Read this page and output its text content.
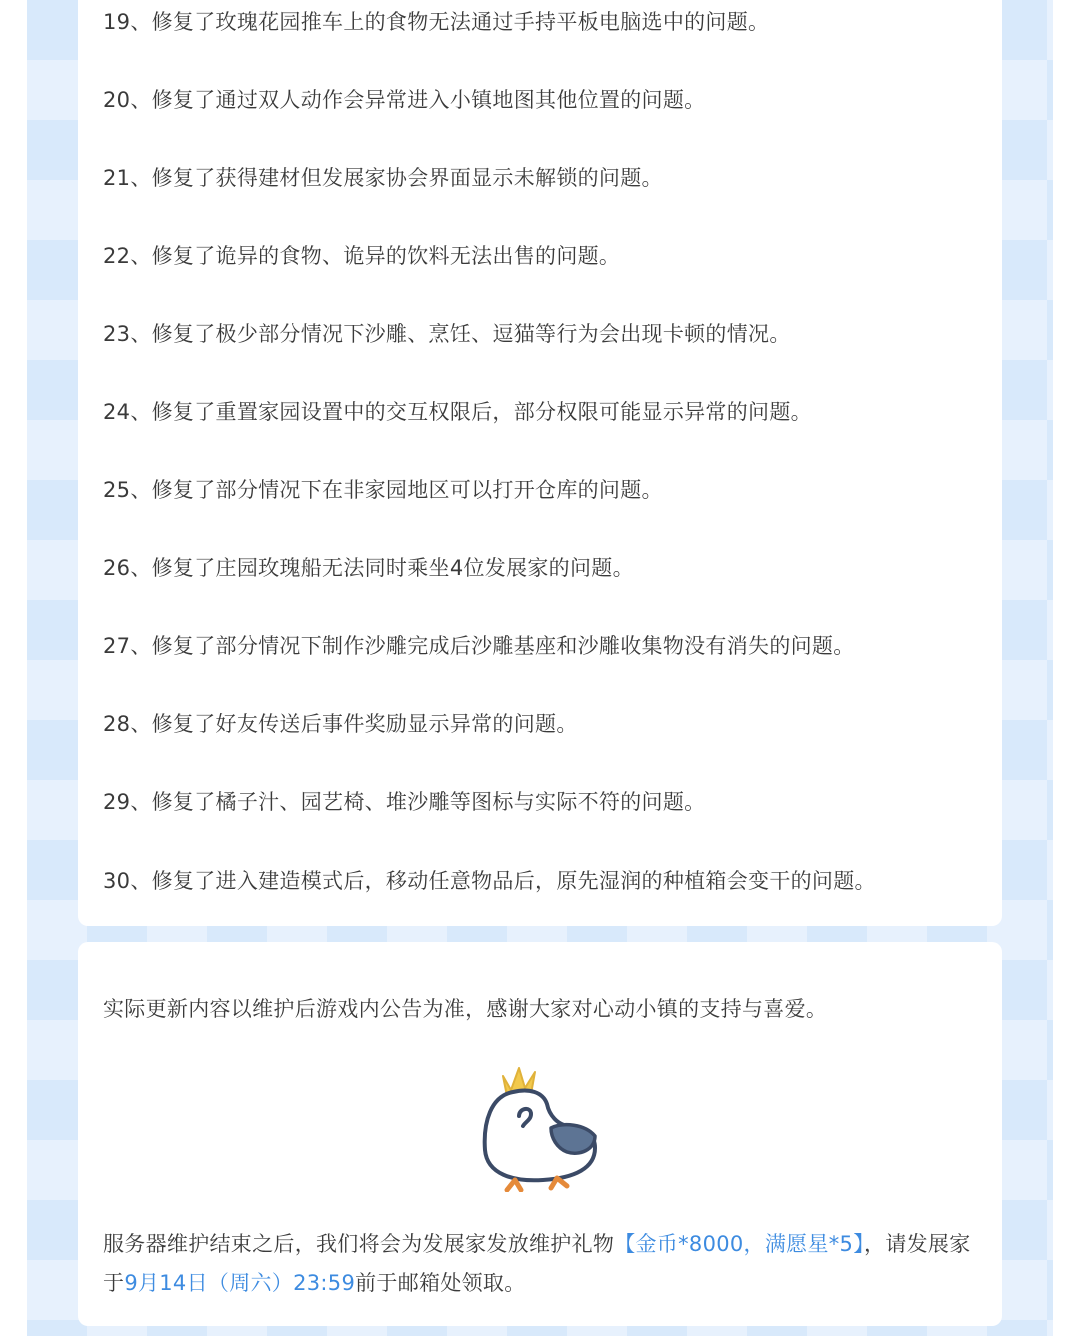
19、修复了玫瑰花园推车上的食物无法通过手持平板电脑选中的问题。

20、修复了通过双人动作会异常进入小镇地图其他位置的问题。

21、修复了获得建材但发展家协会界面显示未解锁的问题。

22、修复了诡异的食物、诡异的饮料无法出售的问题。

23、修复了极少部分情况下沙雕、烹饪、逗猫等行为会出现卡顿的情况。

24、修复了重置家园设置中的交互权限后，部分权限可能显示异常的问题。

25、修复了部分情况下在非家园地区可以打开仓库的问题。

26、修复了庄园玫瑰船无法同时乘坐4位发展家的问题。

27、修复了部分情况下制作沙雕完成后沙雕基座和沙雕收集物没有消失的问题。

28、修复了好友传送后事件奖励显示异常的问题。

29、修复了橘子汁、园艺椅、堆沙雕等图标与实际不符的问题。

30、修复了进入建造模式后，移动任意物品后，原先湿润的种植箱会变干的问题。

实际更新内容以维护后游戏内公告为准，感谢大家对心动小镇的支持与喜爱。

服务器维护结束之后，我们将会为发展家发放维护礼物【金币*8000，满愿星*5】，请发展家于9月14日（周六）23:59前于邮箱处领取。
